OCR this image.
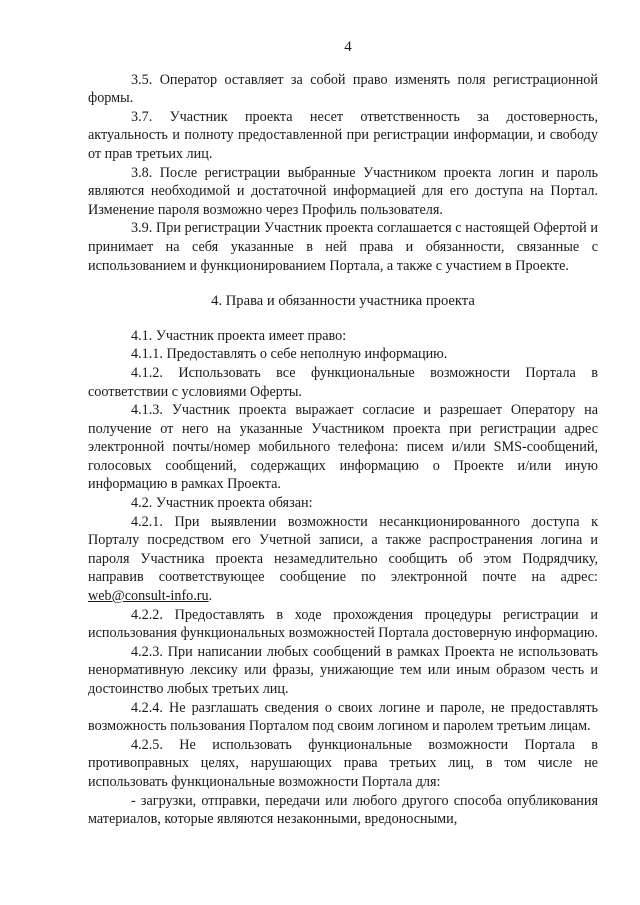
4

3.5. Оператор оставляет за собой право изменять поля регистрационной формы.

3.7. Участник проекта несет ответственность за достоверность, актуальность и полноту предоставленной при регистрации информации, и свободу от прав третьих лиц.

3.8. После регистрации выбранные Участником проекта логин и пароль являются необходимой и достаточной информацией для его доступа на Портал. Изменение пароля возможно через Профиль пользователя.

3.9. При регистрации Участник проекта соглашается с настоящей Офертой и принимает на себя указанные в ней права и обязанности, связанные с использованием и функционированием Портала, а также с участием в Проекте.

4. Права и обязанности участника проекта

4.1. Участник проекта имеет право:

4.1.1. Предоставлять о себе неполную информацию.

4.1.2. Использовать все функциональные возможности Портала в соответствии с условиями Оферты.

4.1.3. Участник проекта выражает согласие и разрешает Оператору на получение от него на указанные Участником проекта при регистрации адрес электронной почты/номер мобильного телефона: писем и/или SMS-сообщений, голосовых сообщений, содержащих информацию о Проекте и/или иную информацию в рамках Проекта.

4.2. Участник проекта обязан:

4.2.1. При выявлении возможности несанкционированного доступа к Порталу посредством его Учетной записи, а также распространения логина и пароля Участника проекта незамедлительно сообщить об этом Подрядчику, направив соответствующее сообщение по электронной почте на адрес: web@consult-info.ru.

4.2.2. Предоставлять в ходе прохождения процедуры регистрации и использования функциональных возможностей Портала достоверную информацию.

4.2.3. При написании любых сообщений в рамках Проекта не использовать ненормативную лексику или фразы, унижающие тем или иным образом честь и достоинство любых третьих лиц.

4.2.4. Не разглашать сведения о своих логине и пароле, не предоставлять возможность пользования Порталом под своим логином и паролем третьим лицам.

4.2.5. Не использовать функциональные возможности Портала в противоправных целях, нарушающих права третьих лиц, в том числе не использовать функциональные возможности Портала для:

- загрузки, отправки, передачи или любого другого способа опубликования материалов, которые являются незаконными, вредоносными,
